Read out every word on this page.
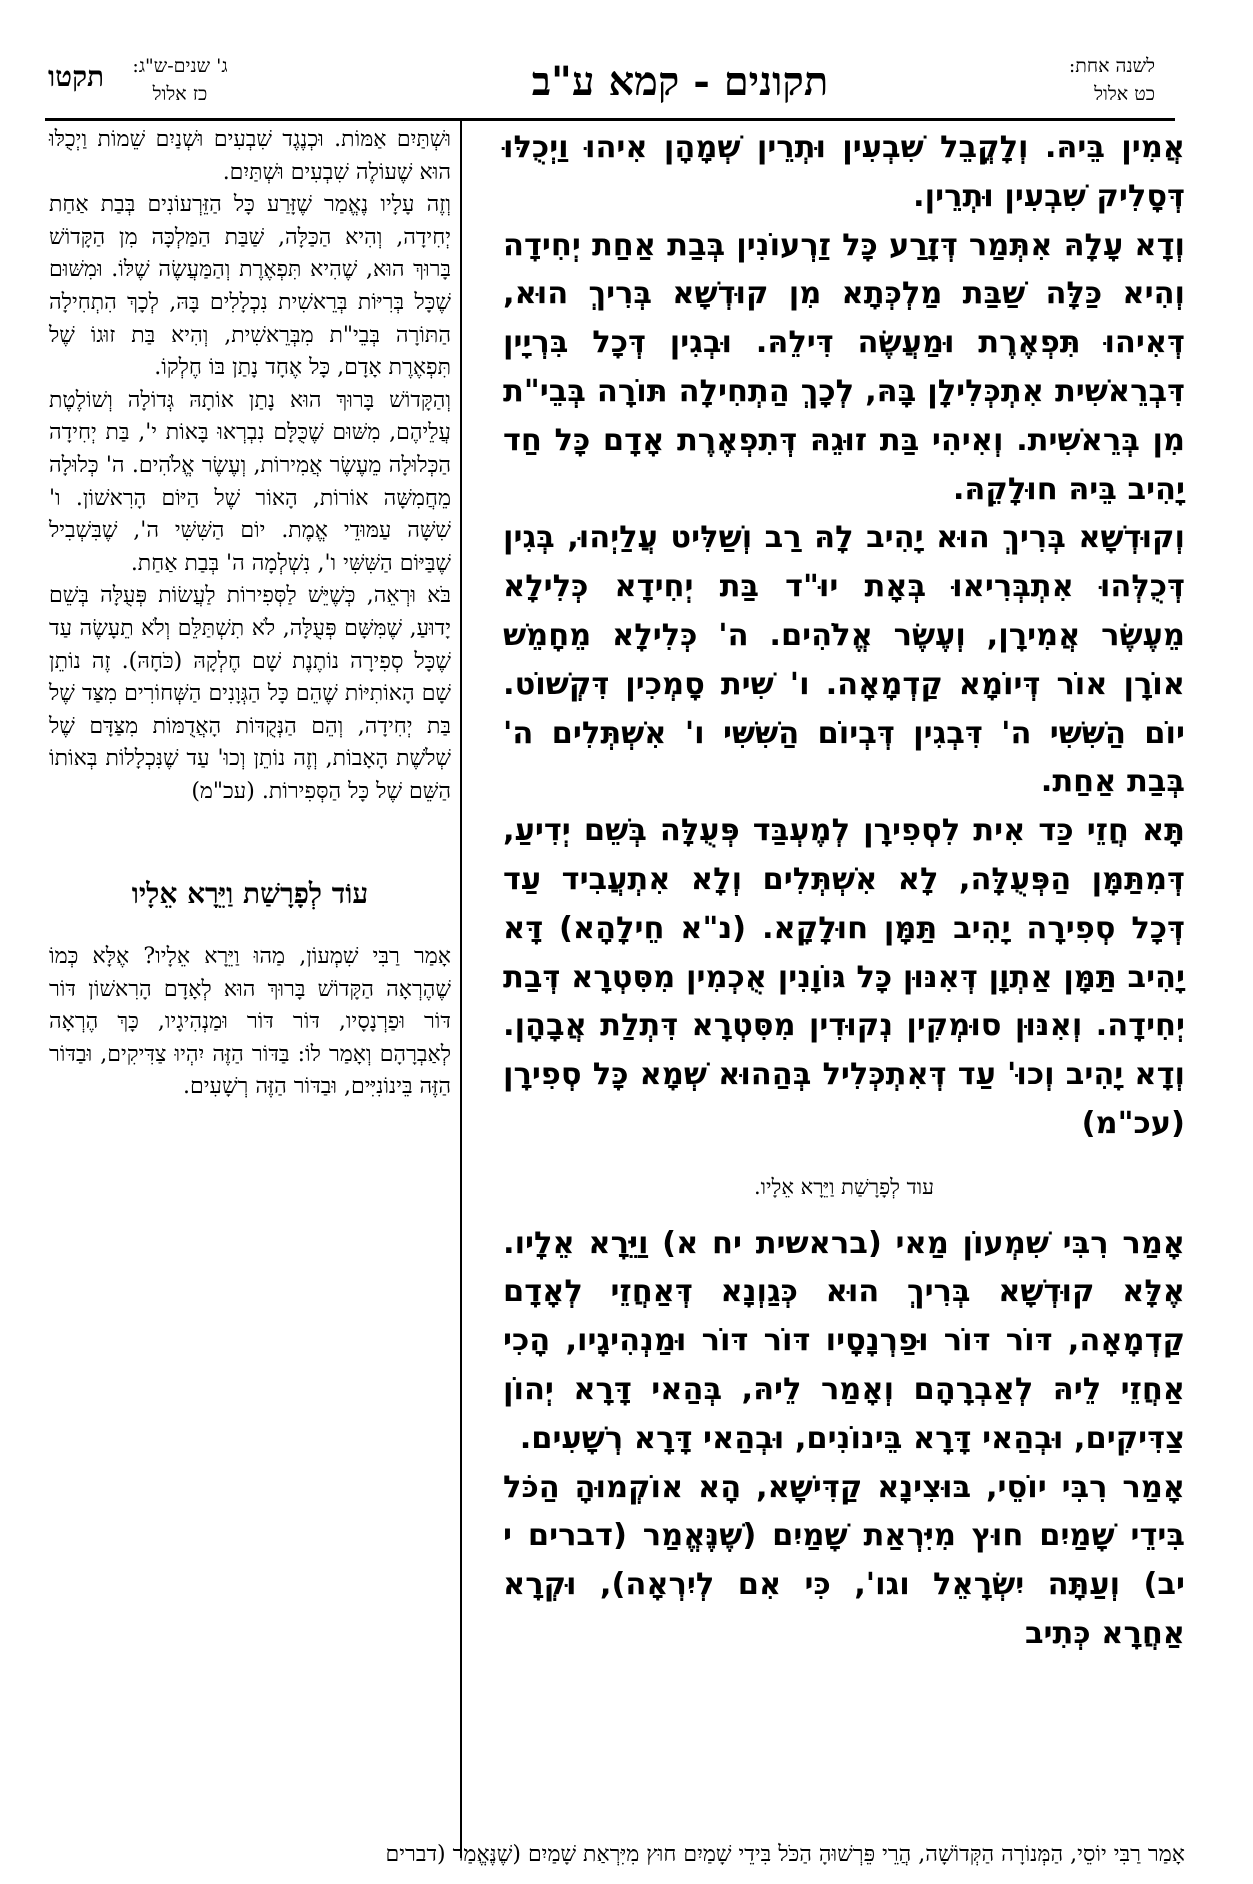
לשנה אחת:
כט אלול
תקונים - קמא ע"ב
ג' שנים-ש"ג:
כז אלול
תקטו

אֲמִין בֵּיהּ. וְלָקֳבֵל שִׁבְעִין וּתְרֵין שְׁמָהָן אִיהוּ וַיְכֻלּוּ דְּסָלִיק שִׁבְעִין וּתְרֵין.

וְדָא עָלָהּ אִתְּמַר דְּזָרַע כָּל זַרְעוֹנִין בְּבַת אַחַת יְחִידָה וְהִיא כַּלָּה שַׁבַּת מַלְכְּתָא מִן קוּדְשָׁא בְּרִיךְ הוּא, דְּאִיהוּ תִּפְאֶרֶת וּמַעֲשֶׂה דִּילֵהּ. וּבְגִין דְּכָל בִּרְיָין דִּבְרֵאשִׁית אִתְכְּלִילָן בָּהּ, לְכָךְ הַתְחִילָה תּוֹרָה בְּבֵי"ת מִן בְּרֵאשִׁית. וְאִיהִי בַּת זוּגֵהּ דְּתִפְאֶרֶת אָדָם כָּל חַד יָהִיב בֵּיהּ חוּלָקֵהּ.

וְקוּדְשָׁא בְּרִיךְ הוּא יָהִיב לָהּ רַב וְשַׁלִּיט עֲלַיְהוּ, בְּגִין דְּכֻלְּהוּ אִתְבְּרִיאוּ בְּאָת יוּ"ד בַּת יְחִידָא כְּלִילָא מֵעֶשֶׂר אֲמִירָן, וְעֶשֶׂר אֱלֹהִים. ה' כְּלִילָא מֵחָמֵשׁ אוֹרָן אוֹר דְּיוֹמָא קַדְמָאָה. ו' שִׁית סָמְכִין דִּקְשׁוֹט. יוֹם הַשִּׁשִּׁי ה' דִּבְגִין דְּבְיוֹם הַשִּׁשִּׁי ו' אִשְׁתְּלִים ה' בְּבַת אַחַת.

תָּא חֲזֵי כַּד אִית לִסְפִירָן לְמֶעְבַּד פְּעֻלָּה בְּשֵׁם יְדִיעַ, דְּמִתַּמָּן הַפְּעֻלָּה, לָא אִשְׁתְּלִים וְלָא אִתְעֲבִיד עַד דְּכָל סְפִירָה יָהִיב תַּמָּן חוּלָקָא. (נ"א חֵילָהָא) דָּא יָהִיב תַּמָּן אַתְוָן דְּאִנּוּן כָּל גּוֹוָנִין אֻכְמִין מִסִּטְרָא דְּבַת יְחִידָה. וְאִנּוּן סוּמְקִין נְקוּדִין מִסִּטְרָא דִּתְלַת אֲבָהָן. וְדָא יָהִיב וְכוּ' עַד דְּאִתְכְּלִיל בְּהַהוּא שְׁמָא כָּל סְפִירָן (עכ"מ)

עוד לְפָרָשַׁת וַיֵּרָא אֵלָיו.

אָמַר רִבִּי שִׁמְעוֹן מַאי (בראשית יח א) וַיֵּרָא אֵלָיו. אֶלָּא קוּדְשָׁא בְּרִיךְ הוּא כְּגַוְנָא דְּאַחֲזֵי לְאָדָם קַדְמָאָה, דּוֹר דּוֹר וּפַרְנָסָיו דּוֹר דּוֹר וּמַנְהִיגָיו, הָכִי אַחֲזֵי לֵיהּ לְאַבְרָהָם וְאָמַר לֵיהּ, בְּהַאי דָּרָא יְהוֹן צַדִּיקִים, וּבְהַאי דָּרָא בֵּינוֹנִים, וּבְהַאי דָּרָא רְשָׁעִים.

אָמַר רִבִּי יוֹסֵי, בּוּצִינָא קַדִּישָׁא, הָא אוֹקְמוּהָ הַכֹּל בִּידֵי שָׁמַיִם חוּץ מִיִּרְאַת שָׁמַיִם (שֶׁנֶּאֱמַר (דברים י יב) וְעַתָּה יִשְׂרָאֵל וגו', כִּי אִם לְיִרְאָה), וּקְרָא אַחֲרָא כְּתִיב

וּשְׁתַּיִם אַמּוֹת. וּכְנֶגֶד שִׁבְעִים וּשְׁנַיִם שֵׁמוֹת וַיְכֻלּוּ הוּא שֶׁעוֹלֶה שִׁבְעִים וּשְׁתַּיִם.

וְזֶה עָלָיו נֶאֱמַר שֶׁזָּרַע כָּל הַזֵּרְעוֹנִים בְּבַת אַחַת יְחִידָה, וְהִיא הַכַּלָּה, שַׁבַּת הַמַּלְכָּה מִן הַקָּדוֹשׁ בָּרוּךְ הוּא, שֶׁהִיא תִּפְאֶרֶת וְהַמַּעֲשֶׂה שֶׁלּוֹ. וּמִשּׁוּם שֶׁכָּל בְּרִיּוֹת בְּרֵאשִׁית נִכְלָלִים בָּהּ, לְכָךְ הִתְחִילָה הַתּוֹרָה בְּבֵי"ת מִבְּרֵאשִׁית, וְהִיא בַּת זוּגוֹ שֶׁל תִּפְאֶרֶת אָדָם, כָּל אֶחָד נָתַן בּוֹ חֶלְקוֹ.

וְהַקָּדוֹשׁ בָּרוּךְ הוּא נָתַן אוֹתָהּ גְּדוֹלָה וְשׁוֹלֶטֶת עֲלֵיהֶם, מִשּׁוּם שֶׁכֻּלָּם נִבְרְאוּ בָּאוֹת י', בַּת יְחִידָה הַכְּלוּלָה מֵעֶשֶׂר אֲמִירוֹת, וְעֶשֶׂר אֱלֹהִים. ה' כְּלוּלָה מֵחֲמִשָּׁה אוֹרוֹת, הָאוֹר שֶׁל הַיּוֹם הָרִאשׁוֹן. ו' שִׁשָּׁה עַמּוּדֵי אֱמֶת. יוֹם הַשִּׁשִּׁי ה', שֶׁבִּשְׁבִיל שֶׁבַּיּוֹם הַשִּׁשִּׁי ו', נִשְׁלְמָה ה' בְּבַת אַחַת.

בֹּא וּרְאֵה, כְּשֶׁיֵּשׁ לַסְּפִירוֹת לַעֲשׂוֹת פְּעֻלָּה בְּשֵׁם יָדוּעַ, שֶׁמִּשָּׁם פְּעֻלָּה, לֹא תִשְׁתַּלֵּם וְלֹא תֵעָשֶׂה עַד שֶׁכָּל סְפִירָה נוֹתֶנֶת שָׁם חֶלְקָהּ (כֹּחָהּ). זֶה נוֹתֵן שָׁם הָאוֹתִיּוֹת שֶׁהֵם כָּל הַגְּוָנִים הַשְּׁחוֹרִים מִצַּד שֶׁל בַּת יְחִידָה, וְהֵם הַנְּקֻדּוֹת הָאֲדֻמּוֹת מִצַּדָּם שֶׁל שְׁלֹשֶׁת הָאָבוֹת, וְזֶה נוֹתֵן וְכוּ' עַד שֶׁנִּכְלָלוֹת בְּאוֹתוֹ הַשֵּׁם שֶׁל כָּל הַסְּפִירוֹת. (עכ"מ)

עוֹד לְפָרָשַׁת וַיֵּרָא אֵלָיו

אָמַר רַבִּי שִׁמְעוֹן, מַהוּ וַיֵּרָא אֵלָיו? אֶלָּא כְּמוֹ שֶׁהֶרְאָה הַקָּדוֹשׁ בָּרוּךְ הוּא לְאָדָם הָרִאשׁוֹן דּוֹר דּוֹר וּפַרְנָסָיו, דּוֹר דּוֹר וּמַנְהִיגָיו, כָּךְ הֶרְאָה לְאַבְרָהָם וְאָמַר לוֹ: בַּדּוֹר הַזֶּה יִהְיוּ צַדִּיקִים, וּבַדּוֹר הַזֶּה בֵּינוֹנִיִּים, וּבַדּוֹר הַזֶּה רְשָׁעִים.

אָמַר רַבִּי יוֹסֵי, הַמְּנוֹרָה הַקְּדוֹשָׁה, הֲרֵי פֵּרְשׁוּהָ הַכֹּל בִּידֵי שָׁמַיִם חוּץ מִיִּרְאַת שָׁמַיִם (שֶׁנֶּאֱמַר (דברים
